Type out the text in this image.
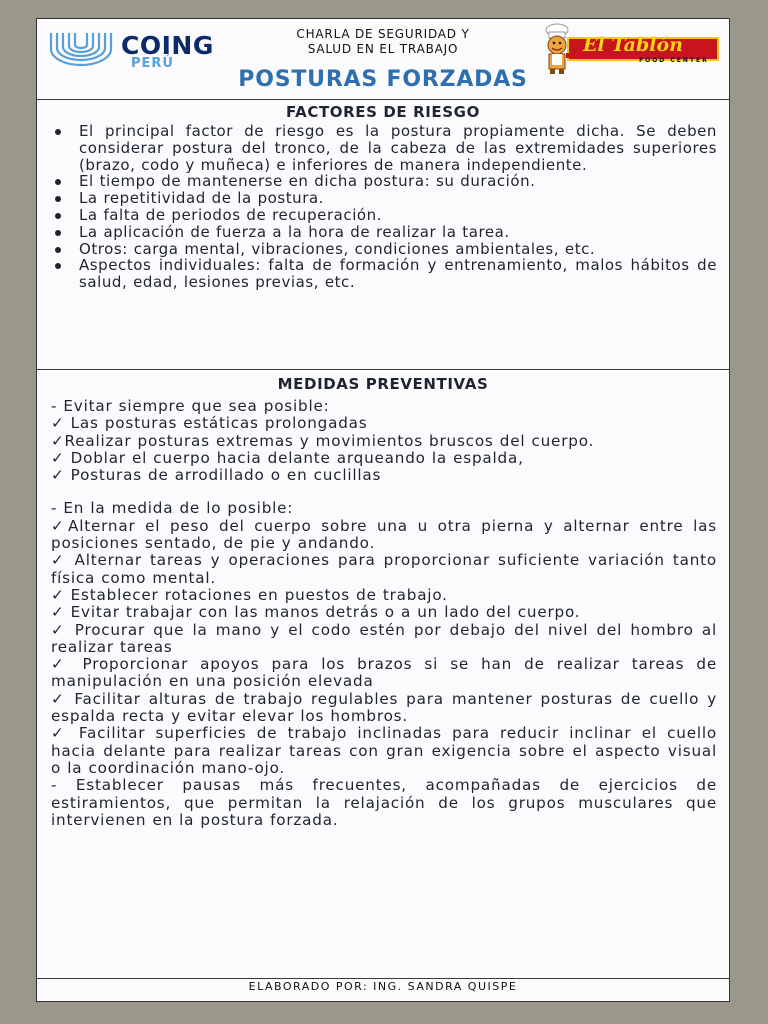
COING
PERÚ
CHARLA DE SEGURIDAD Y
SALUD EN EL TRABAJO	El Tablón
FOOD CENTER
POSTURAS FORZADAS
FACTORES DE RIESGO
El principal factor de riesgo es la postura propiamente dicha. Se deben considerar postura del tronco, de la cabeza de las extremidades superiores (brazo, codo y muñeca) e inferiores de manera independiente.
El tiempo de mantenerse en dicha postura: su duración.
La repetitividad de la postura.
La falta de periodos de recuperación.
La aplicación de fuerza a la hora de realizar la tarea.
Otros: carga mental, vibraciones, condiciones ambientales, etc.
Aspectos individuales: falta de formación y entrenamiento, malos hábitos de salud, edad, lesiones previas, etc.
MEDIDAS PREVENTIVAS

- Evitar siempre que sea posible:

✓ Las posturas estáticas prolongadas

✓Realizar posturas extremas y movimientos bruscos del cuerpo.

✓ Doblar el cuerpo hacia delante arqueando la espalda,

✓ Posturas de arrodillado o en cuclillas

- En la medida de lo posible:

✓Alternar el peso del cuerpo sobre una u otra pierna y alternar entre las posiciones sentado, de pie y andando.

✓ Alternar tareas y operaciones para proporcionar suficiente variación tanto física como mental.

✓ Establecer rotaciones en puestos de trabajo.

✓ Evitar trabajar con las manos detrás o a un lado del cuerpo.

✓ Procurar que la mano y el codo estén por debajo del nivel del hombro al realizar tareas

✓ Proporcionar apoyos para los brazos si se han de realizar tareas de manipulación en una posición elevada

✓ Facilitar alturas de trabajo regulables para mantener posturas de cuello y espalda recta y evitar elevar los hombros.

✓ Facilitar superficies de trabajo inclinadas para reducir inclinar el cuello hacia delante para realizar tareas con gran exigencia sobre el aspecto visual o la coordinación mano-ojo.

- Establecer pausas más frecuentes, acompañadas de ejercicios de estiramientos, que permitan la relajación de los grupos musculares que intervienen en la postura forzada.

ELABORADO POR: ING. SANDRA QUISPE
